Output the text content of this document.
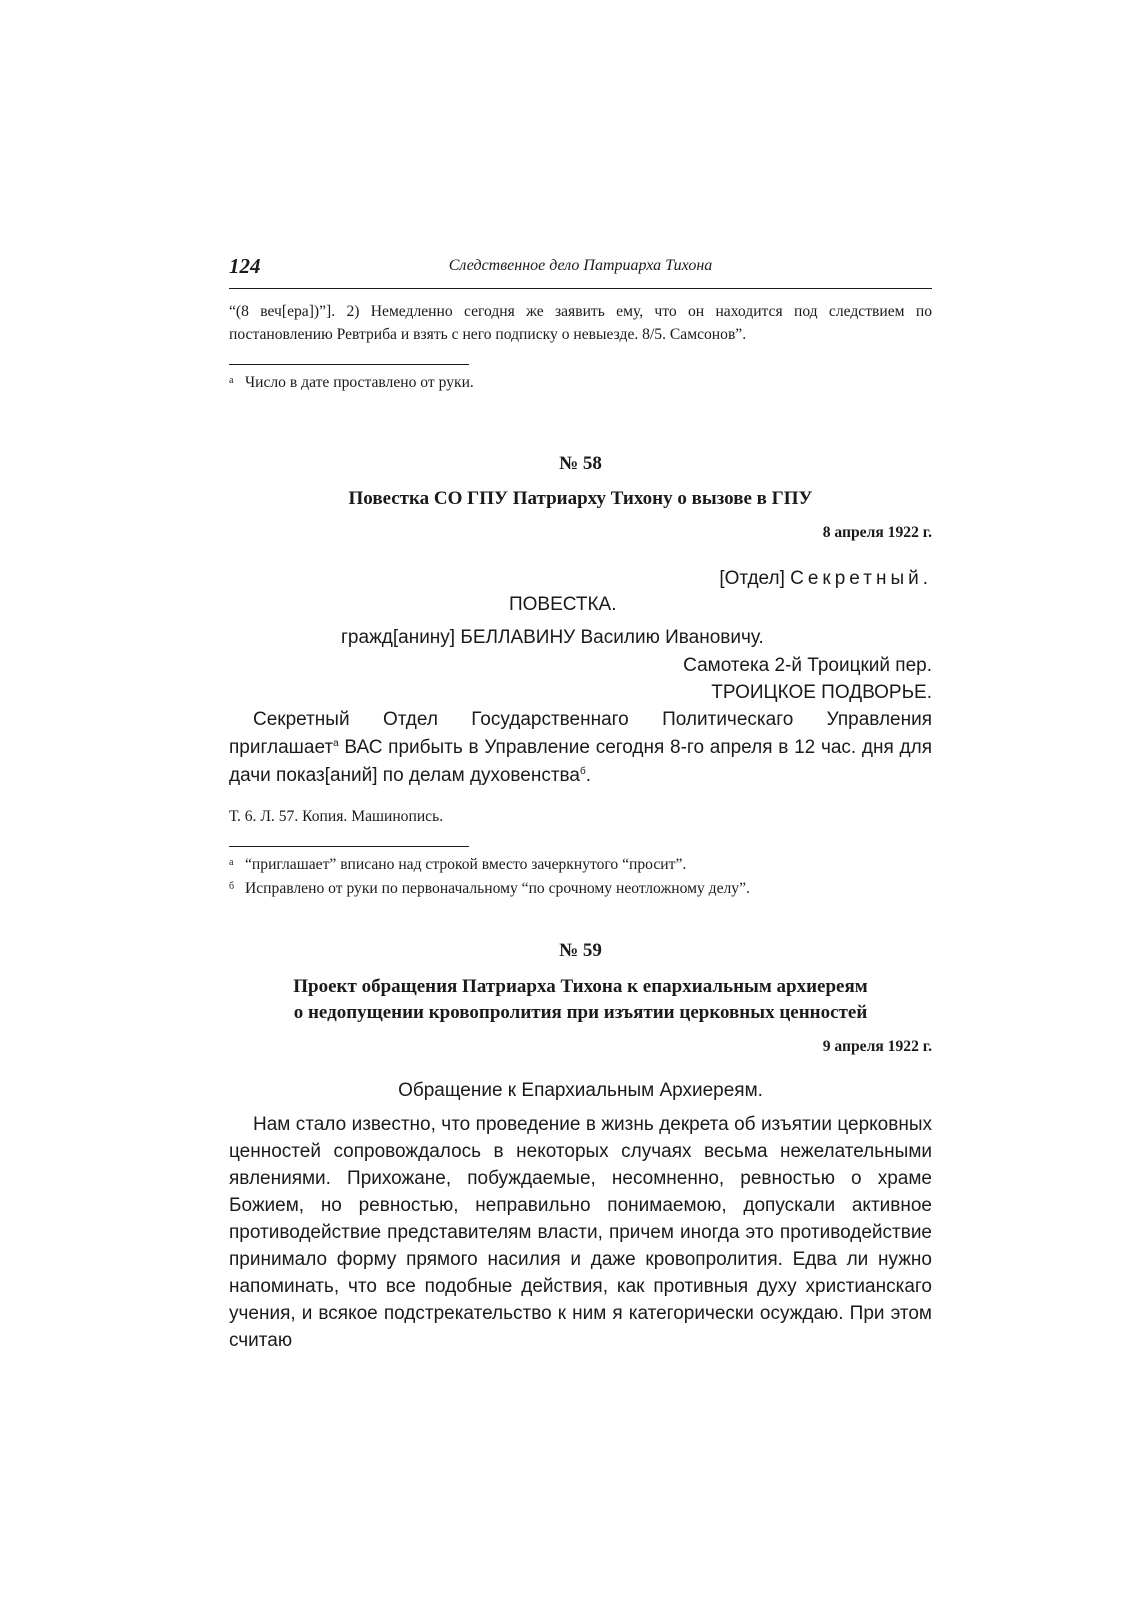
124	Следственное дело Патриарха Тихона
“(8 веч[ера])”]. 2) Немедленно сегодня же заявить ему, что он находится под следствием по постановлению Ревтриба и взять с него подписку о невыезде. 8/5. Самсонов”.
а Число в дате проставлено от руки.
№ 58
Повестка СО ГПУ Патриарху Тихону о вызове в ГПУ
8 апреля 1922 г.
[Отдел] Секретный.
ПОВЕСТКА.
гражд[анину] БЕЛЛАВИНУ Василию Ивановичу.
Самотека 2-й Троицкий пер.
ТРОИЦКОЕ ПОДВОРЬЕ.
Секретный Отдел Государственнаго Политическаго Управления приглашает$^а$ ВАС прибыть в Управление сегодня 8-го апреля в 12 час. дня для дачи показ[аний] по делам духовенства$^б$.
Т. 6. Л. 57. Копия. Машинопись.
а “приглашает” вписано над строкой вместо зачеркнутого “просит”.
б Исправлено от руки по первоначальному “по срочному неотложному делу”.
№ 59
Проект обращения Патриарха Тихона к епархиальным архиереям
о недопущении кровопролития при изъятии церковных ценностей
9 апреля 1922 г.
Обращение к Епархиальным Архиереям.
Нам стало известно, что проведение в жизнь декрета об изъятии церковных ценностей сопровождалось в некоторых случаях весьма нежелательными явлениями. Прихожане, побуждаемые, несомненно, ревностью о храме Божием, но ревностью, неправильно понимаемою, допускали активное противодействие представителям власти, причем иногда это противодействие принимало форму прямого насилия и даже кровопролития. Едва ли нужно напоминать, что все подобные действия, как противныя духу христианскаго учения, и всякое подстрекательство к ним я категорически осуждаю. При этом считаю
